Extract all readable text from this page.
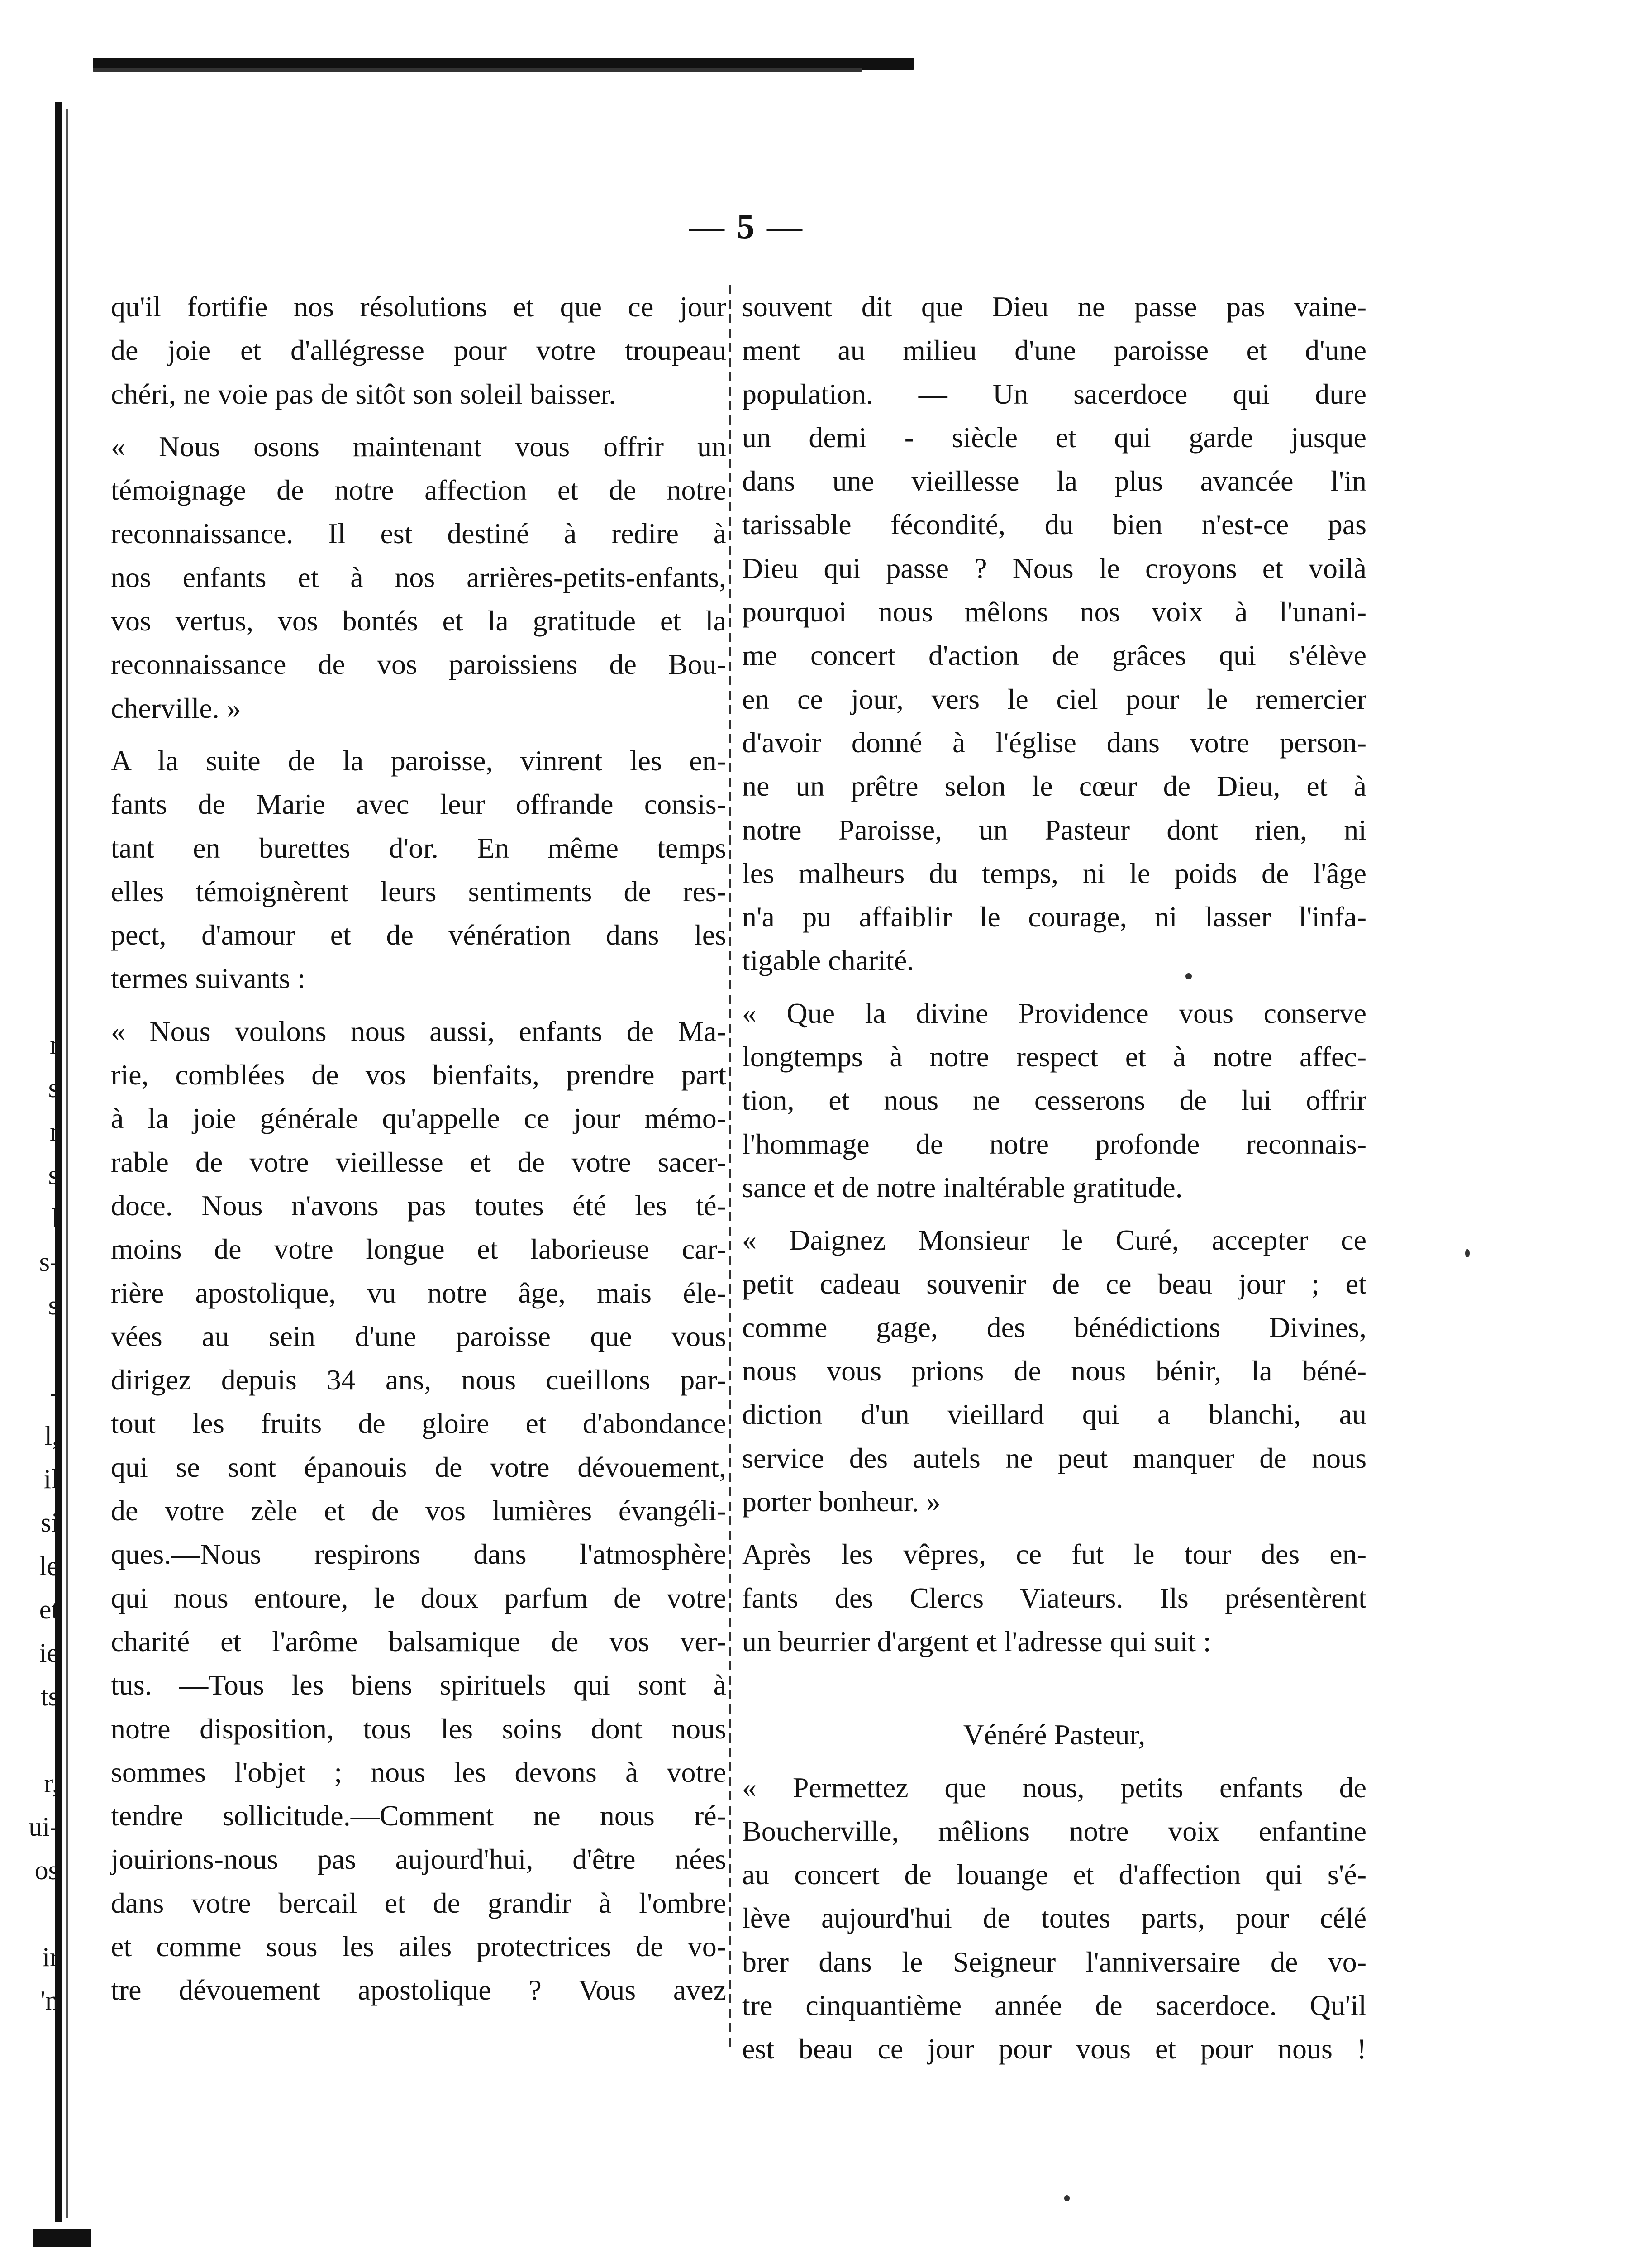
— 5 —
qu'il fortifie nos résolutions et que ce jour
de joie et d'allégresse pour votre troupeau
chéri, ne voie pas de sitôt son soleil baisser.
« Nous osons maintenant vous offrir un
témoignage de notre affection et de notre
reconnaissance. Il est destiné à redire à
nos enfants et à nos arrières-petits-enfants,
vos vertus, vos bontés et la gratitude et la
reconnaissance de vos paroissiens de Bou-
cherville. »
A la suite de la paroisse, vinrent les en-
fants de Marie avec leur offrande consis-
tant en burettes d'or. En même temps
elles témoignèrent leurs sentiments de res-
pect, d'amour et de vénération dans les
termes suivants :
« Nous voulons nous aussi, enfants de Ma-
rie, comblées de vos bienfaits, prendre part
à la joie générale qu'appelle ce jour mémo-
rable de votre vieillesse et de votre sacer-
doce. Nous n'avons pas toutes été les té-
moins de votre longue et laborieuse car-
rière apostolique, vu notre âge, mais éle-
vées au sein d'une paroisse que vous
dirigez depuis 34 ans, nous cueillons par-
tout les fruits de gloire et d'abondance
qui se sont épanouis de votre dévouement,
de votre zèle et de vos lumières évangéli-
ques.—Nous respirons dans l'atmosphère
qui nous entoure, le doux parfum de votre
charité et l'arôme balsamique de vos ver-
tus. —Tous les biens spirituels qui sont à
notre disposition, tous les soins dont nous
sommes l'objet ; nous les devons à votre
tendre sollicitude.—Comment ne nous ré-
jouirions-nous pas aujourd'hui, d'être nées
dans votre bercail et de grandir à l'ombre
et comme sous les ailes protectrices de vo-
tre dévouement apostolique ? Vous avez
souvent dit que Dieu ne passe pas vaine-
ment au milieu d'une paroisse et d'une
population. — Un sacerdoce qui dure
un demi - siècle et qui garde jusque
dans une vieillesse la plus avancée l'in
tarissable fécondité, du bien n'est-ce pas
Dieu qui passe ? Nous le croyons et voilà
pourquoi nous mêlons nos voix à l'unani-
me concert d'action de grâces qui s'élève
en ce jour, vers le ciel pour le remercier
d'avoir donné à l'église dans votre person-
ne un prêtre selon le cœur de Dieu, et à
notre Paroisse, un Pasteur dont rien, ni
les malheurs du temps, ni le poids de l'âge
n'a pu affaiblir le courage, ni lasser l'infa-
tigable charité.
« Que la divine Providence vous conserve
longtemps à notre respect et à notre affec-
tion, et nous ne cesserons de lui offrir
l'hommage de notre profonde reconnais-
sance et de notre inaltérable gratitude.
« Daignez Monsieur le Curé, accepter ce
petit cadeau souvenir de ce beau jour ; et
comme gage, des bénédictions Divines,
nous vous prions de nous bénir, la béné-
diction d'un vieillard qui a blanchi, au
service des autels ne peut manquer de nous
porter bonheur. »
Après les vêpres, ce fut le tour des en-
fants des Clercs Viateurs. Ils présentèrent
un beurrier d'argent et l'adresse qui suit :
Vénéré Pasteur,
« Permettez que nous, petits enfants de
Boucherville, mêlions notre voix enfantine
au concert de louange et d'affection qui s'é-
lève aujourd'hui de toutes parts, pour célé
brer dans le Seigneur l'anniversaire de vo-
tre cinquantième année de sacerdoce. Qu'il
est beau ce jour pour vous et pour nous !
r
s
r
s
l
s-
s
-
l,
il
si
le
et
ie
ts
r,
ui-
os
ir
'n
